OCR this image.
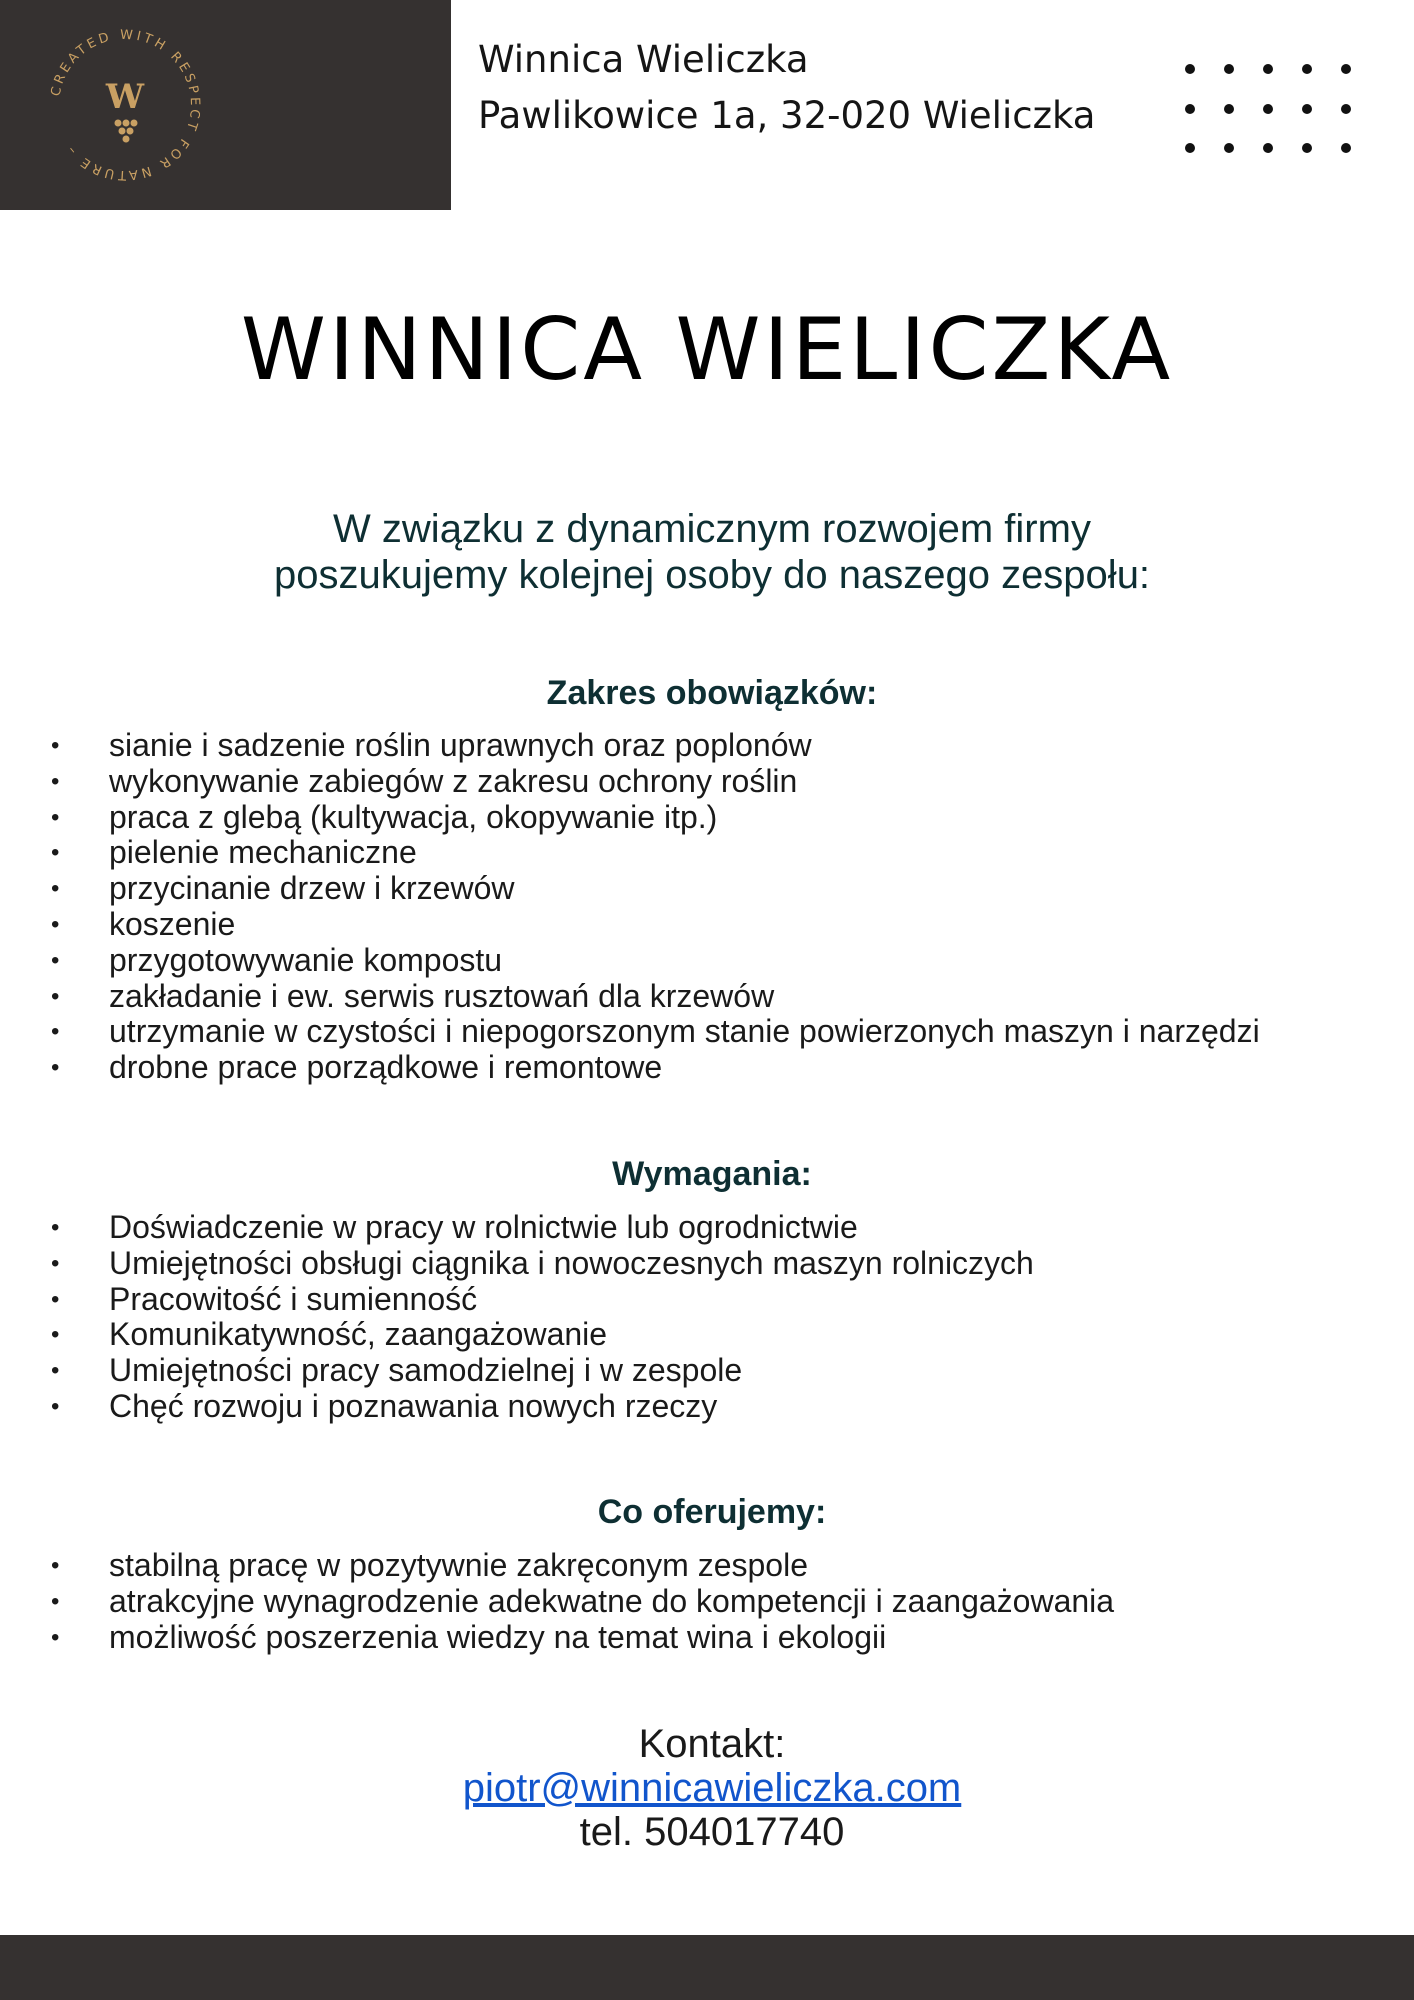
CREATED WITH RESPECT FOR NATURE –
W
Winnica Wieliczka
Pawlikowice 1a, 32-020 Wieliczka
WINNICA WIELICZKA
W związku z dynamicznym rozwojem firmy
poszukujemy kolejnej osoby do naszego zespołu:
Zakres obowiązków:
• sianie i sadzenie roślin uprawnych oraz poplonów
• wykonywanie zabiegów z zakresu ochrony roślin
• praca z glebą (kultywacja, okopywanie itp.)
• pielenie mechaniczne
• przycinanie drzew i krzewów
• koszenie
• przygotowywanie kompostu
• zakładanie i ew. serwis rusztowań dla krzewów
• utrzymanie w czystości i niepogorszonym stanie powierzonych maszyn i narzędzi
• drobne prace porządkowe i remontowe
Wymagania:
• Doświadczenie w pracy w rolnictwie lub ogrodnictwie
• Umiejętności obsługi ciągnika i nowoczesnych maszyn rolniczych
• Pracowitość i sumienność
• Komunikatywność, zaangażowanie
• Umiejętności pracy samodzielnej i w zespole
• Chęć rozwoju i poznawania nowych rzeczy
Co oferujemy:
• stabilną pracę w pozytywnie zakręconym zespole
• atrakcyjne wynagrodzenie adekwatne do kompetencji i zaangażowania
• możliwość poszerzenia wiedzy na temat wina i ekologii
Kontakt:
piotr@winnicawieliczka.com
tel. 504017740
